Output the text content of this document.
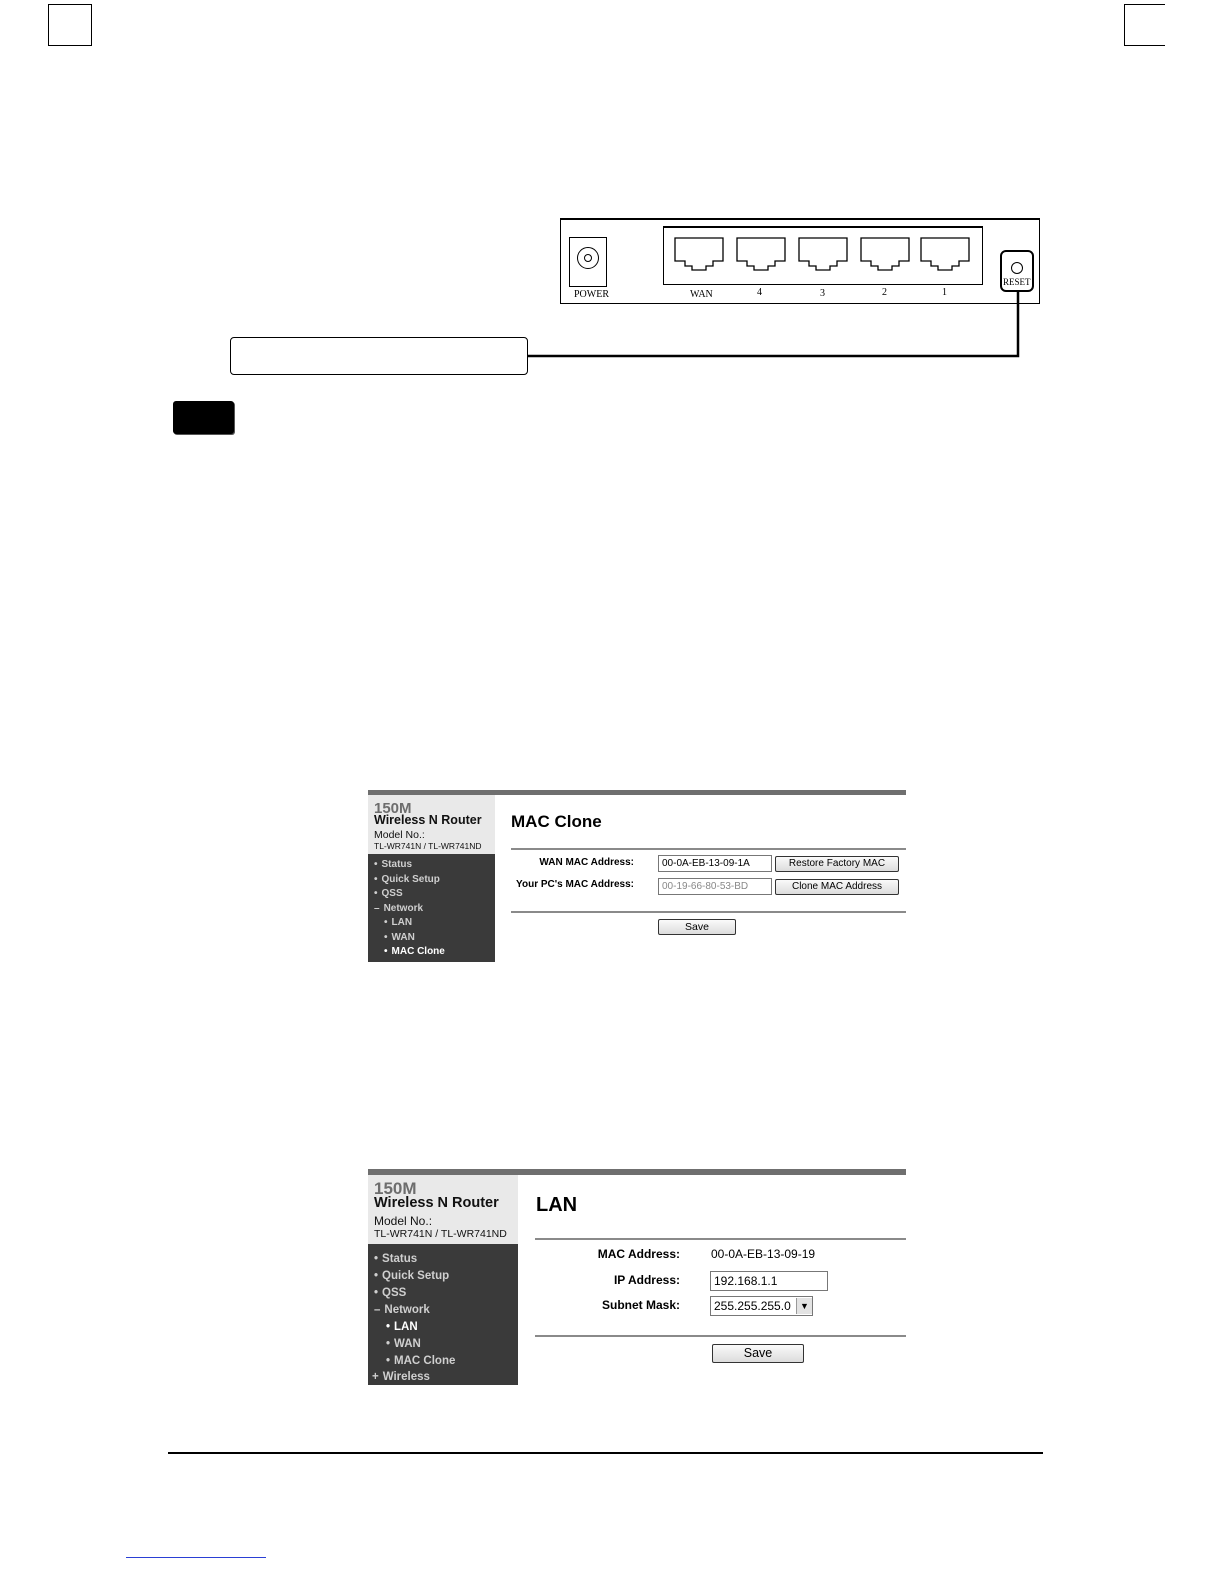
POWER	WAN	4	3	2	1
RESET
150M
Wireless N Router
Model No.:
TL-WR741N / TL-WR741ND
• Status
• Quick Setup
• QSS
– Network
• LAN
• WAN
• MAC Clone
MAC Clone
WAN MAC Address:	00-0A-EB-13-09-1A	Restore Factory MAC
Your PC's MAC Address:	00-19-66-80-53-BD	Clone MAC Address
Save
150M
Wireless N Router
Model No.:
TL-WR741N / TL-WR741ND
• Status
• Quick Setup
• QSS
– Network
• LAN
• WAN
• MAC Clone
+ Wireless
LAN
MAC Address:	00-0A-EB-13-09-19
IP Address:	192.168.1.1
Subnet Mask:	255.255.255.0	▼
Save
